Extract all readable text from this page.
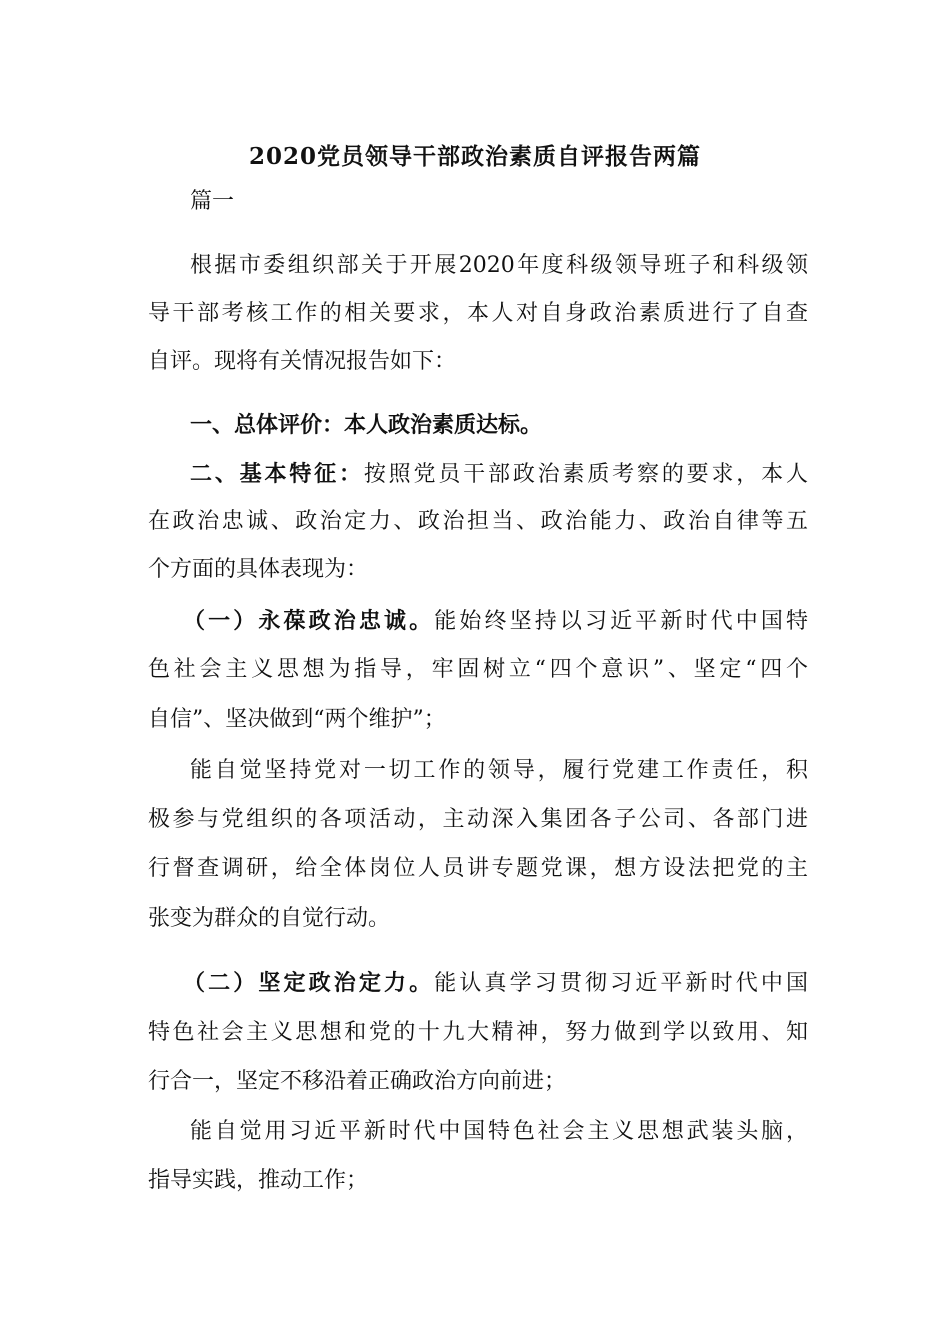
2020党员领导干部政治素质自评报告两篇
篇一
根据市委组织部关于开展2020年度科级领导班子和科级领
导干部考核工作的相关要求，本人对自身政治素质进行了自查
自评。现将有关情况报告如下：
一、总体评价：本人政治素质达标。
二、基本特征：按照党员干部政治素质考察的要求，本人
在政治忠诚、政治定力、政治担当、政治能力、政治自律等五
个方面的具体表现为：
（一）永葆政治忠诚。能始终坚持以习近平新时代中国特
色社会主义思想为指导，牢固树立“四个意识”、坚定“四个
自信”、坚决做到“两个维护”；
能自觉坚持党对一切工作的领导，履行党建工作责任，积
极参与党组织的各项活动，主动深入集团各子公司、各部门进
行督查调研，给全体岗位人员讲专题党课，想方设法把党的主
张变为群众的自觉行动。
（二）坚定政治定力。能认真学习贯彻习近平新时代中国
特色社会主义思想和党的十九大精神，努力做到学以致用、知
行合一，坚定不移沿着正确政治方向前进；
能自觉用习近平新时代中国特色社会主义思想武装头脑，
指导实践，推动工作；
